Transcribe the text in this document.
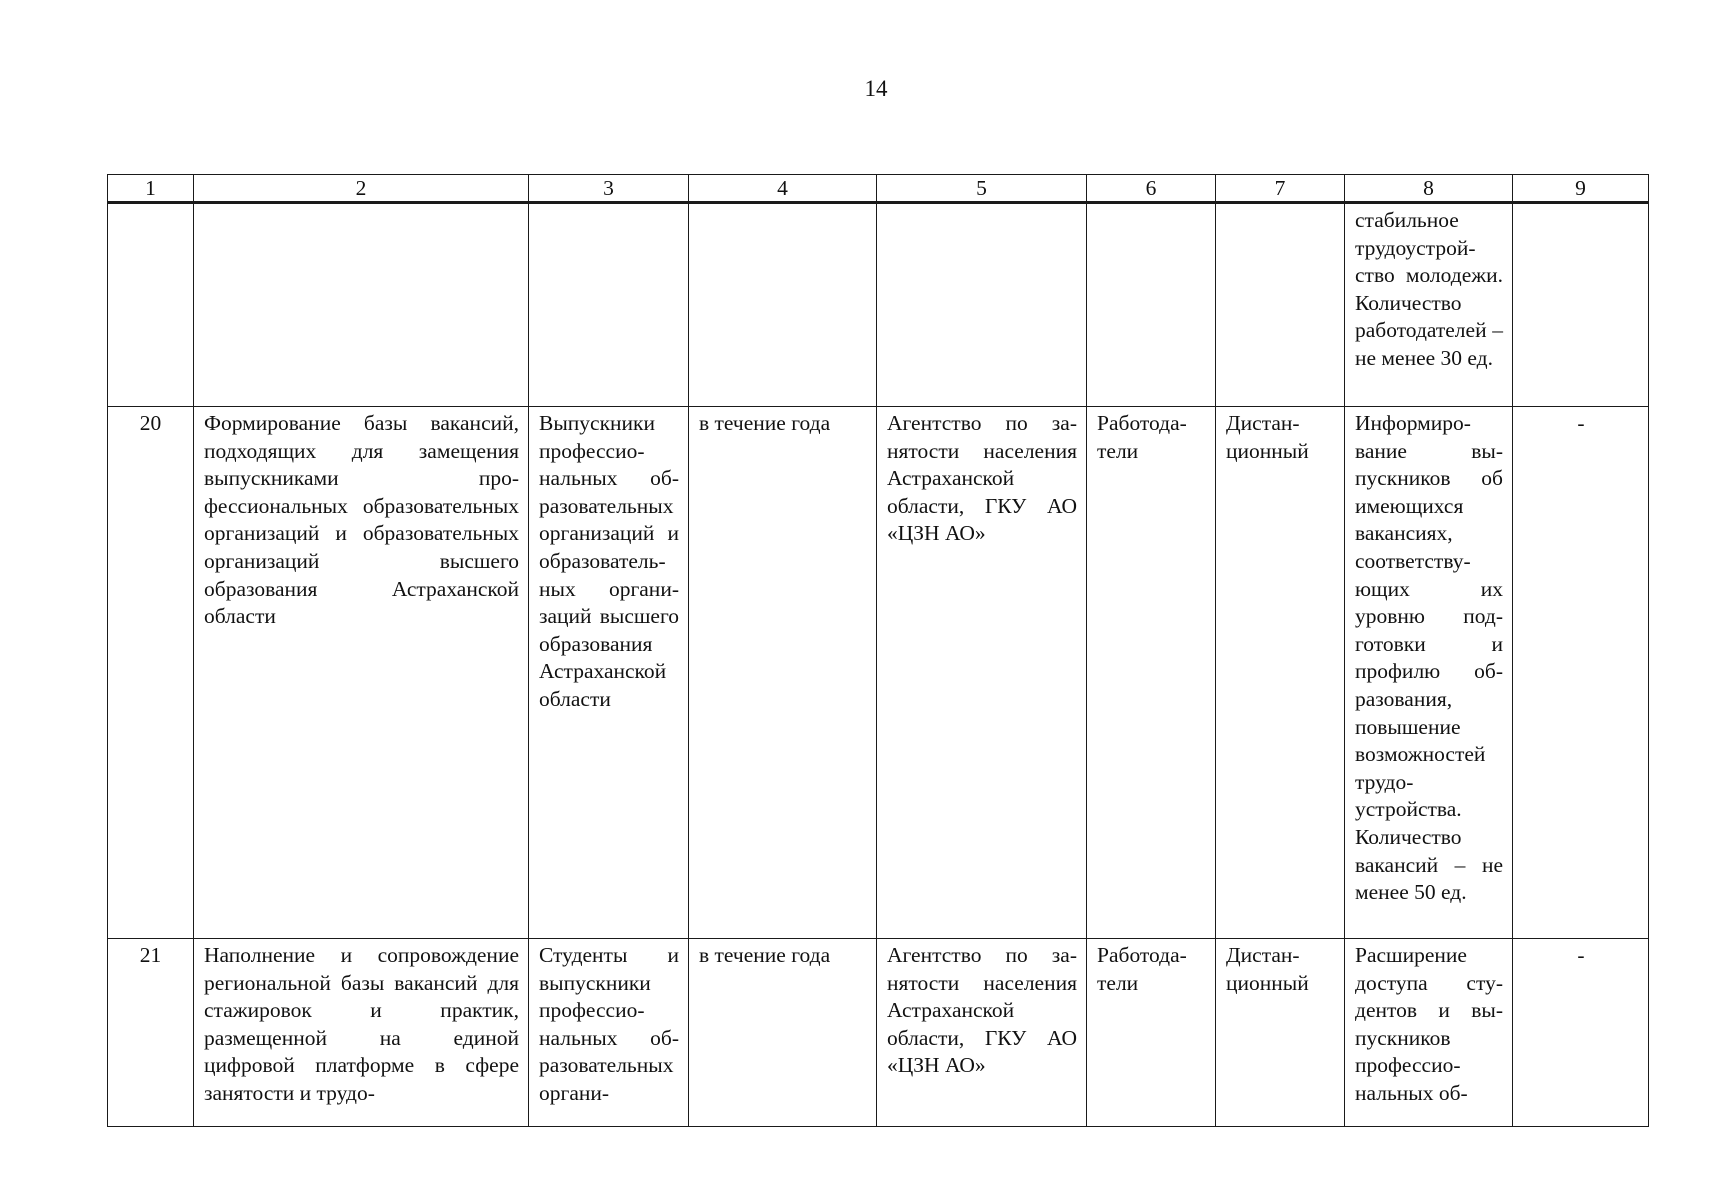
14
1	2	3	4	5	6	7	8	9
							стабильное трудоустройство молодежи. Количество работодателей – не менее 30 ед.	
20	Формирование базы вакансий, подходящих для замещения выпускниками профессиональных образовательных организаций и образовательных организаций высшего образования Астраханской области	Выпускники профессиональных образовательных организаций и образовательных организаций высшего образования Астраханской области	в течение года	Агентство по занятости населения Астраханской области, ГКУ АО «ЦЗН АО»	Работодатели	Дистанционный	Информирование выпускников об имеющихся вакансиях, соответствующих их уровню подготовки и профилю образования, повышение возможностей трудоустройства. Количество вакансий – не менее 50 ед.	-
21	Наполнение и сопровождение региональной базы вакансий для стажировок и практик, размещенной на единой цифровой платформе в сфере занятости и трудо-	Студенты и выпускники профессиональных образовательных органи-	в течение года	Агентство по занятости населения Астраханской области, ГКУ АО «ЦЗН АО»	Работодатели	Дистанционный	Расширение доступа студентов и выпускников профессиональных об-	-
